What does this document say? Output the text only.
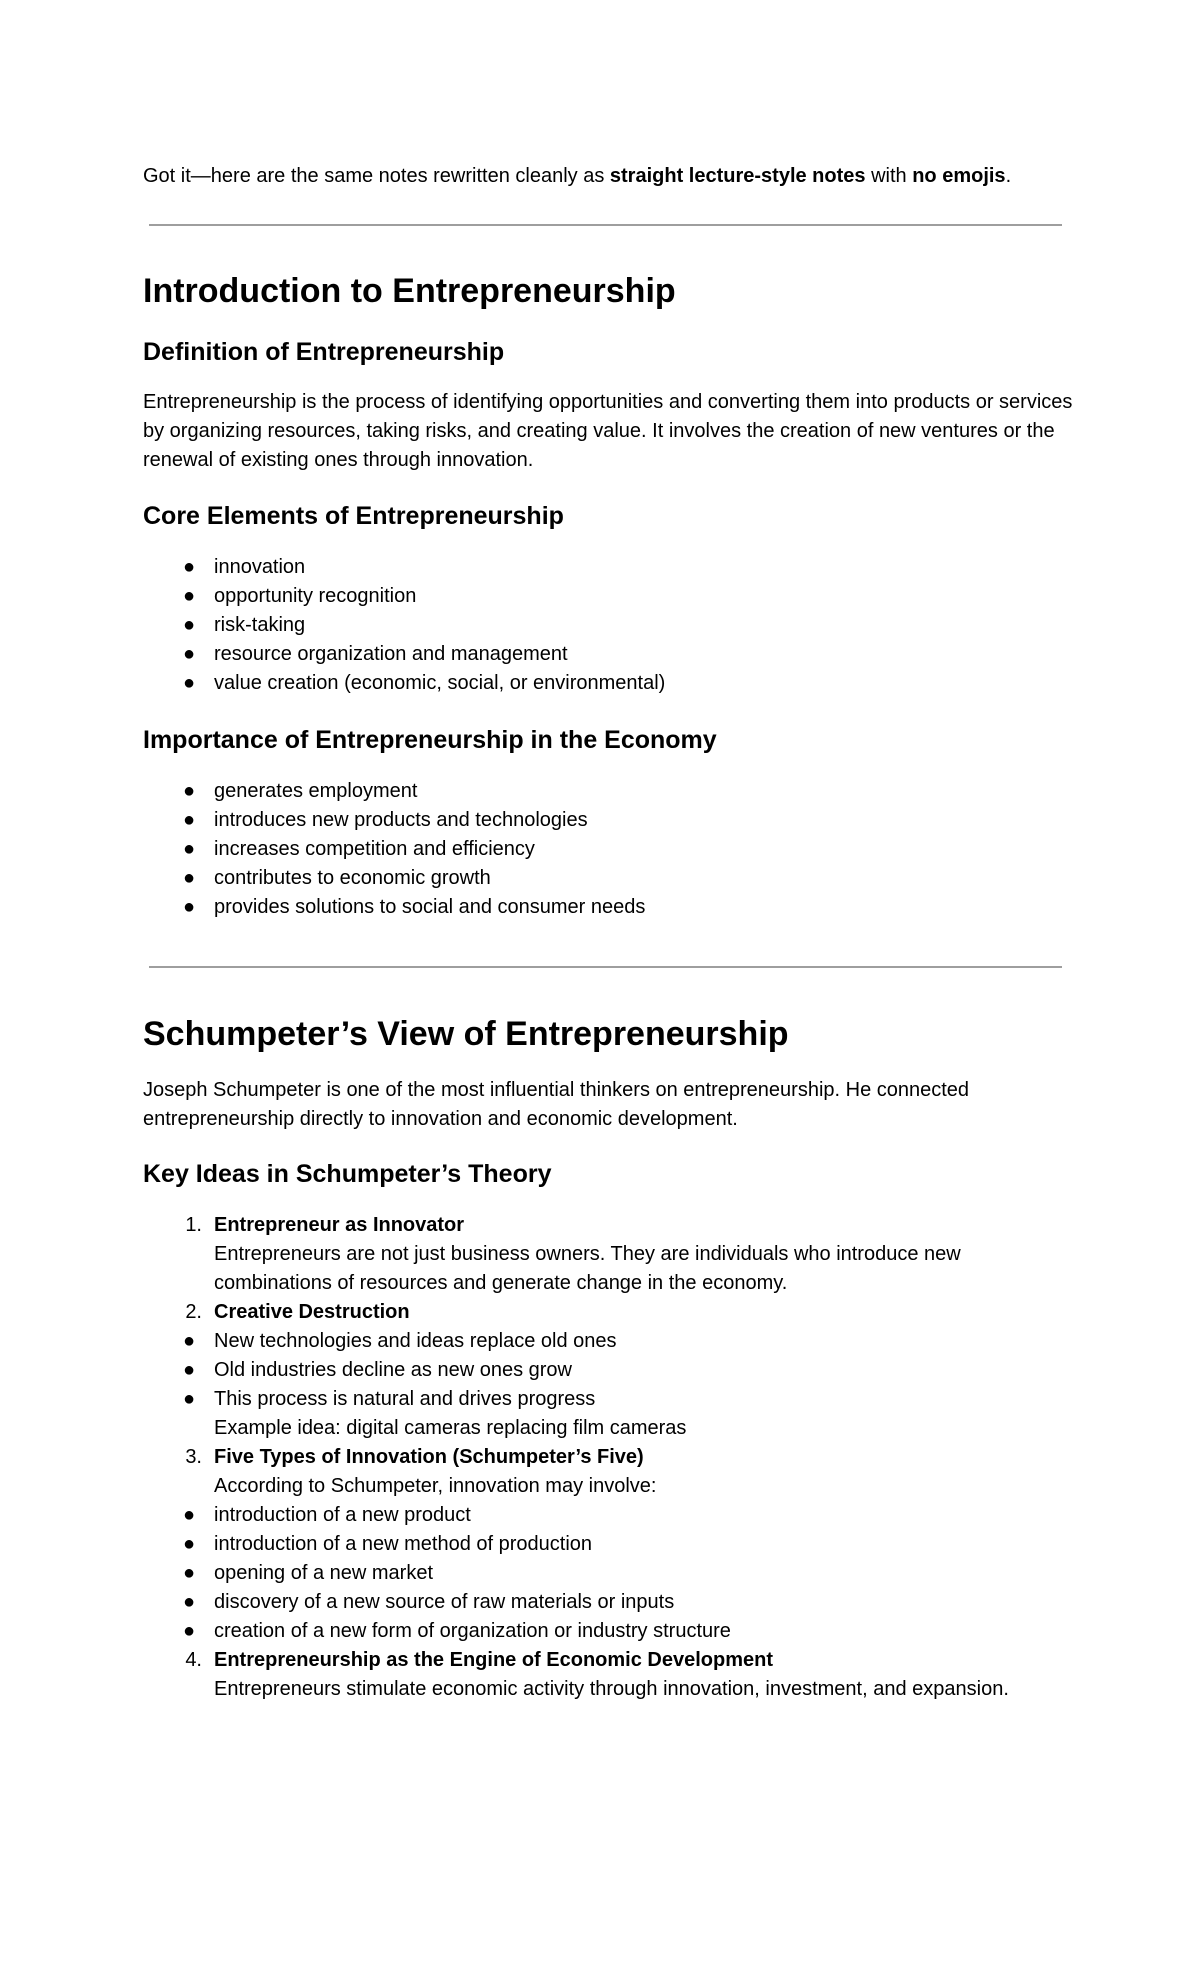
Got it—here are the same notes rewritten cleanly as straight lecture-style notes with no emojis.

Introduction to Entrepreneurship
Definition of Entrepreneurship

Entrepreneurship is the process of identifying opportunities and converting them into products or services by organizing resources, taking risks, and creating value. It involves the creation of new ventures or the renewal of existing ones through innovation.

Core Elements of Entrepreneurship
● innovation
● opportunity recognition
● risk-taking
● resource organization and management
● value creation (economic, social, or environmental)
Importance of Entrepreneurship in the Economy
● generates employment
● introduces new products and technologies
● increases competition and efficiency
● contributes to economic growth
● provides solutions to social and consumer needs
Schumpeter’s View of Entrepreneurship

Joseph Schumpeter is one of the most influential thinkers on entrepreneurship. He connected entrepreneurship directly to innovation and economic development.

Key Ideas in Schumpeter’s Theory
1. Entrepreneur as Innovator
Entrepreneurs are not just business owners. They are individuals who introduce new combinations of resources and generate change in the economy.
2. Creative Destruction
● New technologies and ideas replace old ones
● Old industries decline as new ones grow
● This process is natural and drives progress
Example idea: digital cameras replacing film cameras
3. Five Types of Innovation (Schumpeter’s Five)
According to Schumpeter, innovation may involve:
● introduction of a new product
● introduction of a new method of production
● opening of a new market
● discovery of a new source of raw materials or inputs
● creation of a new form of organization or industry structure
4. Entrepreneurship as the Engine of Economic Development
Entrepreneurs stimulate economic activity through innovation, investment, and expansion.
